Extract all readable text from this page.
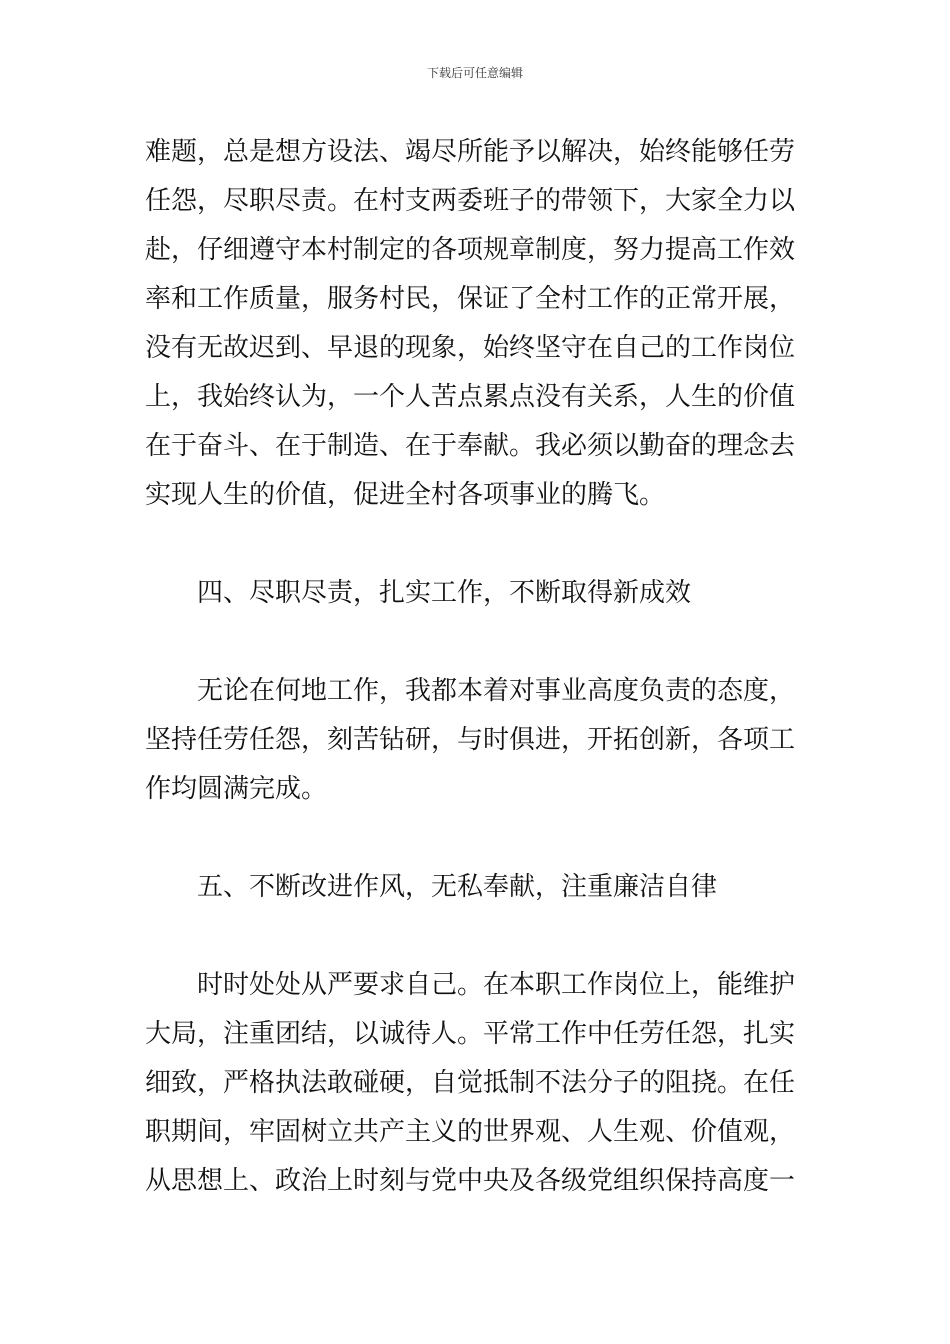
下载后可任意编辑
难题，总是想方设法、竭尽所能予以解决，始终能够任劳
任怨，尽职尽责。在村支两委班子的带领下，大家全力以
赴，仔细遵守本村制定的各项规章制度，努力提高工作效
率和工作质量，服务村民，保证了全村工作的正常开展，
没有无故迟到、早退的现象，始终坚守在自己的工作岗位
上，我始终认为，一个人苦点累点没有关系，人生的价值
在于奋斗、在于制造、在于奉献。我必须以勤奋的理念去
实现人生的价值，促进全村各项事业的腾飞。
四、尽职尽责，扎实工作，不断取得新成效
无论在何地工作，我都本着对事业高度负责的态度，
坚持任劳任怨，刻苦钻研，与时俱进，开拓创新，各项工
作均圆满完成。
五、不断改进作风，无私奉献，注重廉洁自律
时时处处从严要求自己。在本职工作岗位上，能维护
大局，注重团结，以诚待人。平常工作中任劳任怨，扎实
细致，严格执法敢碰硬，自觉抵制不法分子的阻挠。在任
职期间，牢固树立共产主义的世界观、人生观、价值观，
从思想上、政治上时刻与党中央及各级党组织保持高度一
